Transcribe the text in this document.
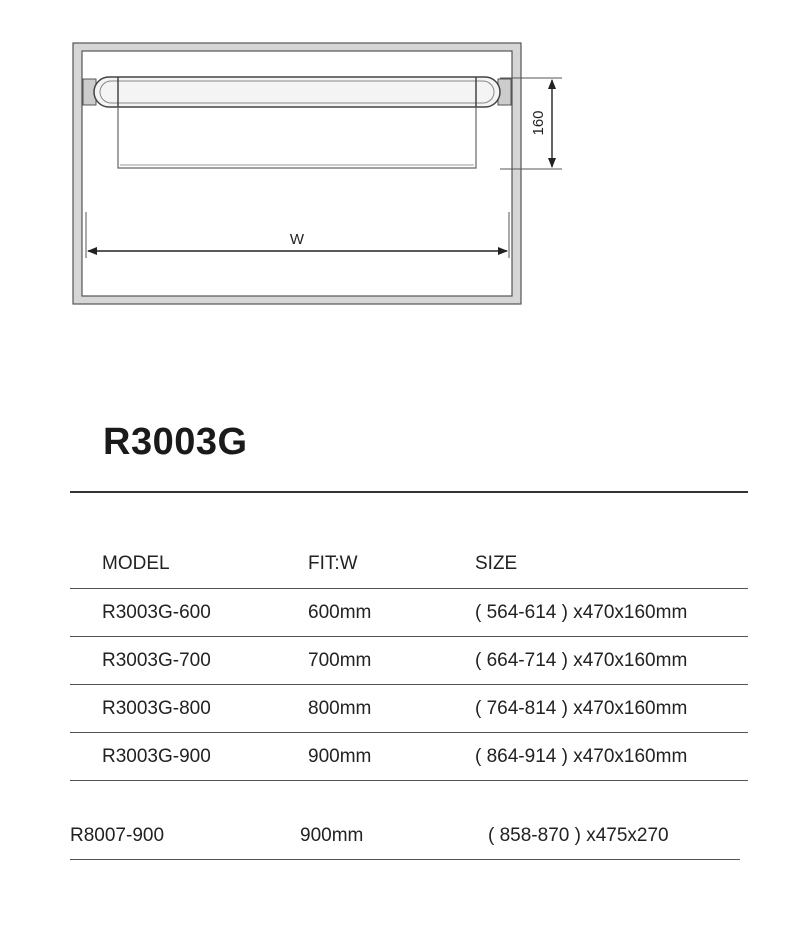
160
W
R3003G
MODEL	FIT:W	SIZE
R3003G-600	600mm	( 564-614 ) x470x160mm
R3003G-700	700mm	( 664-714 ) x470x160mm
R3003G-800	800mm	( 764-814 ) x470x160mm
R3003G-900	900mm	( 864-914 ) x470x160mm
R8007-900	900mm	( 858-870 ) x475x270
